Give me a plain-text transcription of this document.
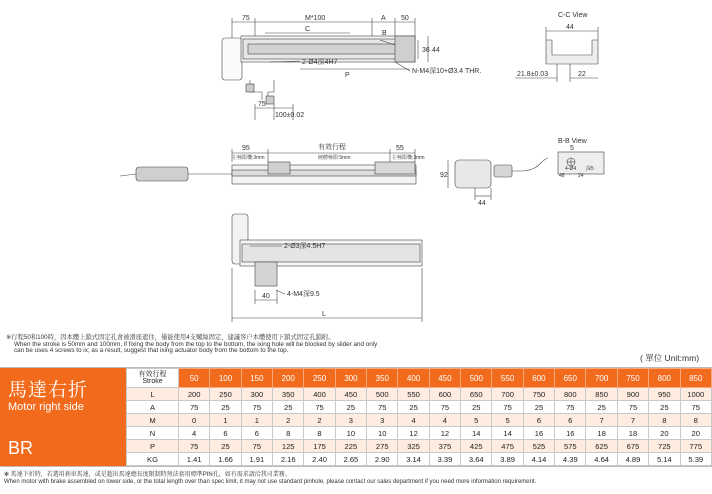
75	M*100	A 50
C
B
36 44
P
2-Ø4深4H7
N-M4深10+Ø3.4 THR.
75
100±0.02
C-C View
44
21.8±0.03	22
95	有效行程	55
左極限機:3mm	硬體極限:5mm	左極限機:3mm
92
44
B-B View
5
4-Ø4
48	24
深5
2-Ø3深4.5H7
4-M4深9.5
40
L
※行程50和100時，因本體上鎖式固定孔會被滑座遮住，僅能使用4支螺絲固定，建議客户本體使用下鎖式固定孔鎖附。
When the stroke is 50mm and 100mm, if fixing the body from the top to the bottom, the ixing hole will be blocked by slider and only
can be uses 4 screws to ix; as a result, suggest that ixing actuator body from the bottom to the top.
( 單位 Unit:mm)
馬達右折
Motor right side
BR
有效行程
Stroke	50	100	150	200	250	300	350	400	450	500	550	600	650	700	750	800	850
L	200	250	300	350	400	450	500	550	600	650	700	750	800	850	900	950	1000
A	75	25	75	25	75	25	75	25	75	25	75	25	75	25	75	25	75
M	0	1	1	2	2	3	3	4	4	5	5	6	6	7	7	8	8
N	4	6	6	8	8	10	10	12	12	14	14	16	16	18	18	20	20
P	75	25	75	125	175	225	275	325	375	425	475	525	575	625	675	725	775
KG	1.41	1.66	1.91	2.16	2.40	2.65	2.90	3.14	3.39	3.64	3.89	4.14	4.39	4.64	4.89	5.14	5.39
✻ 馬達下折時，若選用刹車馬達，或是超出馬達總長度限制時無法套用標準PIN孔，如有需求請洽我司業務。
When motor with brake assembled on lower side, or the total length over than spec limit, it may not use standard pinhole, please contact our sales department if you need more information requirement.
